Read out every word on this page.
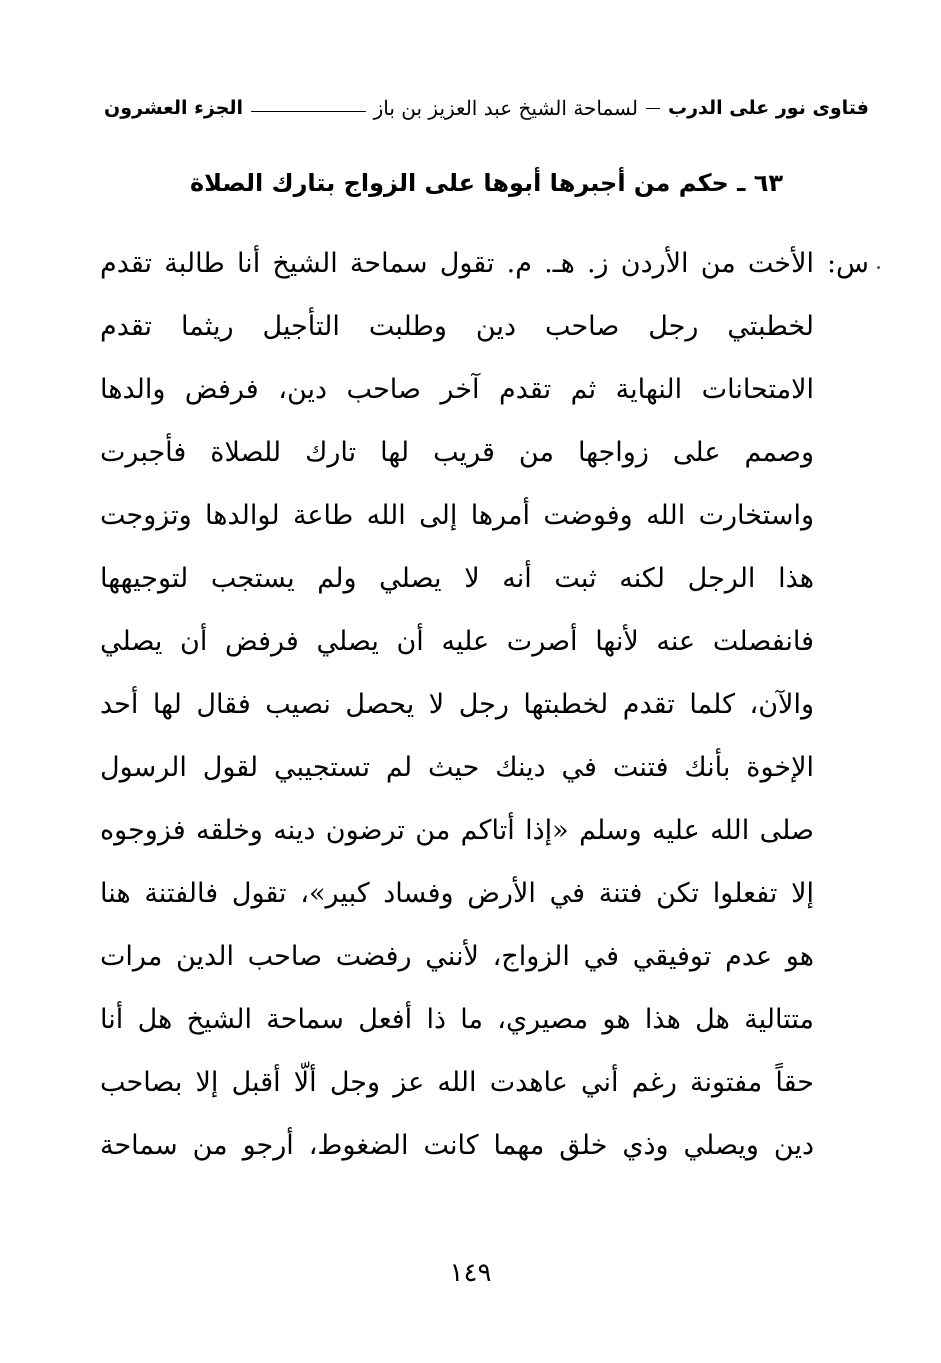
فتاوى نور على الدرب
لسماحة الشيخ عبد العزيز بن باز
الجزء العشرون
٦٣ ـ حكم من أجبرها أبوها على الزواج بتارك الصلاة
س:
الأخت من الأردن ز. هـ. م. تقول سماحة الشيخ أنا طالبة تقدم
لخطبتي رجل صاحب دين وطلبت التأجيل ريثما تقدم
الامتحانات النهاية ثم تقدم آخر صاحب دين، فرفض والدها
وصمم على زواجها من قريب لها تارك للصلاة فأجبرت
واستخارت الله وفوضت أمرها إلى الله طاعة لوالدها وتزوجت
هذا الرجل لكنه ثبت أنه لا يصلي ولم يستجب لتوجيهها
فانفصلت عنه لأنها أصرت عليه أن يصلي فرفض أن يصلي
والآن، كلما تقدم لخطبتها رجل لا يحصل نصيب فقال لها أحد
الإخوة بأنك فتنت في دينك حيث لم تستجيبي لقول الرسول
صلى الله عليه وسلم «إذا أتاكم من ترضون دينه وخلقه فزوجوه
إلا تفعلوا تكن فتنة في الأرض وفساد كبير»، تقول فالفتنة هنا
هو عدم توفيقي في الزواج، لأنني رفضت صاحب الدين مرات
متتالية هل هذا هو مصيري، ما ذا أفعل سماحة الشيخ هل أنا
حقاً مفتونة رغم أني عاهدت الله عز وجل ألّا أقبل إلا بصاحب
دين ويصلي وذي خلق مهما كانت الضغوط، أرجو من سماحة
١٤٩
